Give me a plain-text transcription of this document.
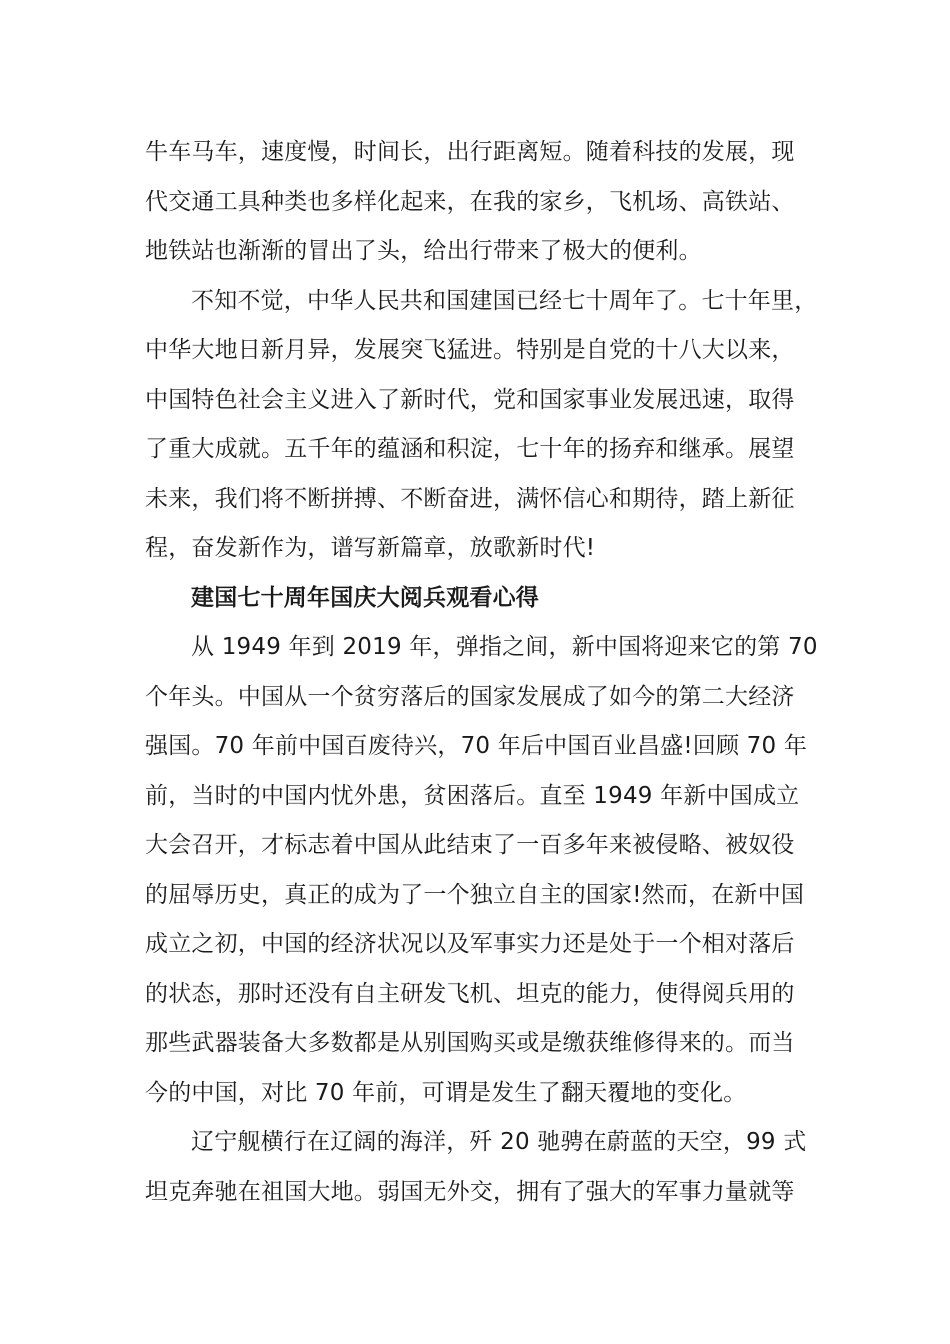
牛车马车，速度慢，时间长，出行距离短。随着科技的发展，现
代交通工具种类也多样化起来，在我的家乡，飞机场、高铁站、
地铁站也渐渐的冒出了头，给出行带来了极大的便利。
不知不觉，中华人民共和国建国已经七十周年了。七十年里，
中华大地日新月异，发展突飞猛进。特别是自党的十八大以来，
中国特色社会主义进入了新时代，党和国家事业发展迅速，取得
了重大成就。五千年的蕴涵和积淀，七十年的扬弃和继承。展望
未来，我们将不断拼搏、不断奋进，满怀信心和期待，踏上新征
程，奋发新作为，谱写新篇章，放歌新时代!
建国七十周年国庆大阅兵观看心得
从 1949 年到 2019 年，弹指之间，新中国将迎来它的第 70
个年头。中国从一个贫穷落后的国家发展成了如今的第二大经济
强国。70 年前中国百废待兴，70 年后中国百业昌盛!回顾 70 年
前，当时的中国内忧外患，贫困落后。直至 1949 年新中国成立
大会召开，才标志着中国从此结束了一百多年来被侵略、被奴役
的屈辱历史，真正的成为了一个独立自主的国家!然而，在新中国
成立之初，中国的经济状况以及军事实力还是处于一个相对落后
的状态，那时还没有自主研发飞机、坦克的能力，使得阅兵用的
那些武器装备大多数都是从别国购买或是缴获维修得来的。而当
今的中国，对比 70 年前，可谓是发生了翻天覆地的变化。
辽宁舰横行在辽阔的海洋，歼 20 驰骋在蔚蓝的天空，99 式
坦克奔驰在祖国大地。弱国无外交，拥有了强大的军事力量就等
